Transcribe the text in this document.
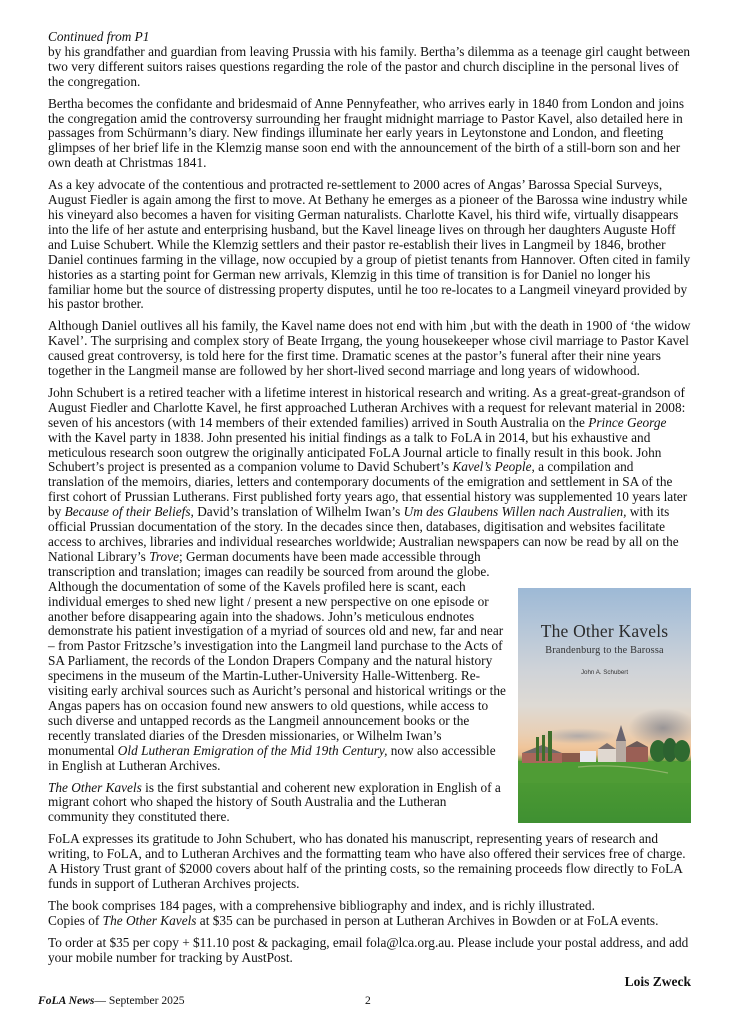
Continued from P1

by his grandfather and guardian from leaving Prussia with his family. Bertha’s dilemma as a teenage girl caught between two very different suitors raises questions regarding the role of the pastor and church discipline in the personal lives of the congregation.

Bertha becomes the confidante and bridesmaid of Anne Pennyfeather, who arrives early in 1840 from London and joins the congregation amid the controversy surrounding her fraught midnight marriage to Pastor Kavel, also detailed here in passages from Schürmann’s diary. New findings illuminate her early years in Leytonstone and London, and fleeting glimpses of her brief life in the Klemzig manse soon end with the announcement of the birth of a still-born son and her own death at Christmas 1841.

As a key advocate of the contentious and protracted re-settlement to 2000 acres of Angas’ Barossa Special Surveys, August Fiedler is again among the first to move. At Bethany he emerges as a pioneer of the Barossa wine industry while his vineyard also becomes a haven for visiting German naturalists. Charlotte Kavel, his third wife, virtually disappears into the life of her astute and enterprising husband, but the Kavel lineage lives on through her daughters Auguste Hoff and Luise Schubert. While the Klemzig settlers and their pastor re-establish their lives in Langmeil by 1846, brother Daniel continues farming in the village, now occupied by a group of pietist tenants from Hannover. Often cited in family histories as a starting point for German new arrivals, Klemzig in this time of transition is for Daniel no longer his familiar home but the source of distressing property disputes, until he too re-locates to a Langmeil vineyard provided by his pastor brother.

Although Daniel outlives all his family, the Kavel name does not end with him ,but with the death in 1900 of ‘the widow Kavel’. The surprising and complex story of Beate Irrgang, the young housekeeper whose civil marriage to Pastor Kavel caused great controversy, is told here for the first time. Dramatic scenes at the pastor’s funeral after their nine years together in the Langmeil manse are followed by her short-lived second marriage and long years of widowhood.

John Schubert is a retired teacher with a lifetime interest in historical research and writing. As a great-great-grandson of August Fiedler and Charlotte Kavel, he first approached Lutheran Archives with a request for relevant material in 2008: seven of his ancestors (with 14 members of their extended families) arrived in South Australia on the Prince George with the Kavel party in 1838. John presented his initial findings as a talk to FoLA in 2014, but his exhaustive and meticulous research soon outgrew the originally anticipated FoLA Journal article to finally result in this book. John Schubert’s project is presented as a companion volume to David Schubert’s Kavel’s People, a compilation and translation of the memoirs, diaries, letters and contemporary documents of the emigration and settlement in SA of the first cohort of Prussian Lutherans. First published forty years ago, that essential history was supplemented 10 years later by Because of their Beliefs, David’s translation of Wilhelm Iwan’s Um des Glaubens Willen nach Australien, with its official Prussian documentation of the story. In the decades since then, databases, digitisation and websites facilitate access to archives, libraries and individual researches worldwide; Australian newspapers can now be read by all on the National Library’s Trove
; German documents have been made accessible through transcription and translation; images can readily be sourced from around the globe. Although the documentation of some of the Kavels profiled here is scant, each individual emerges to shed new light / present a new perspective on one episode or another before disappearing again into the shadows. John’s meticulous endnotes demonstrate his patient investigation of a myriad of sources old and new, far and near – from Pastor Fritzsche’s investigation into the Langmeil land purchase to the Acts of SA Parliament, the records of the London Drapers Company and the natural history specimens in the museum of the Martin-Luther-University Halle-Wittenberg. Re-visiting early archival sources such as Auricht’s personal and historical writings or the Angas papers has on occasion found new answers to old questions, while access to such diverse and untapped records as the Langmeil announcement books or the recently translated diaries of the Dresden missionaries, or Wilhelm Iwan’s monumental Old Lutheran Emigration of the Mid 19th Century, now also accessible in English at Lutheran Archives.

The Other Kavels is the first substantial and coherent new exploration in English of a migrant cohort who shaped the history of South Australia and the Lutheran community they constituted there.

FoLA expresses its gratitude to John Schubert, who has donated his manuscript, representing years of research and writing, to FoLA, and to Lutheran Archives and the formatting team who have also offered their services free of charge. A History Trust grant of $2000 covers about half of the printing costs, so the remaining proceeds flow directly to FoLA funds in support of Lutheran Archives projects.

The book comprises 184 pages, with a comprehensive bibliography and index, and is richly illustrated.
Copies of The Other Kavels at $35 can be purchased in person at Lutheran Archives in Bowden or at FoLA events.

To order at $35 per copy + $11.10 post & packaging, email fola@lca.org.au. Please include your postal address, and add your mobile number for tracking by AustPost.

Lois Zweck
The Other Kavels
Brandenburg to the Barossa
John A. Schubert
FoLA News— September 2025	2
